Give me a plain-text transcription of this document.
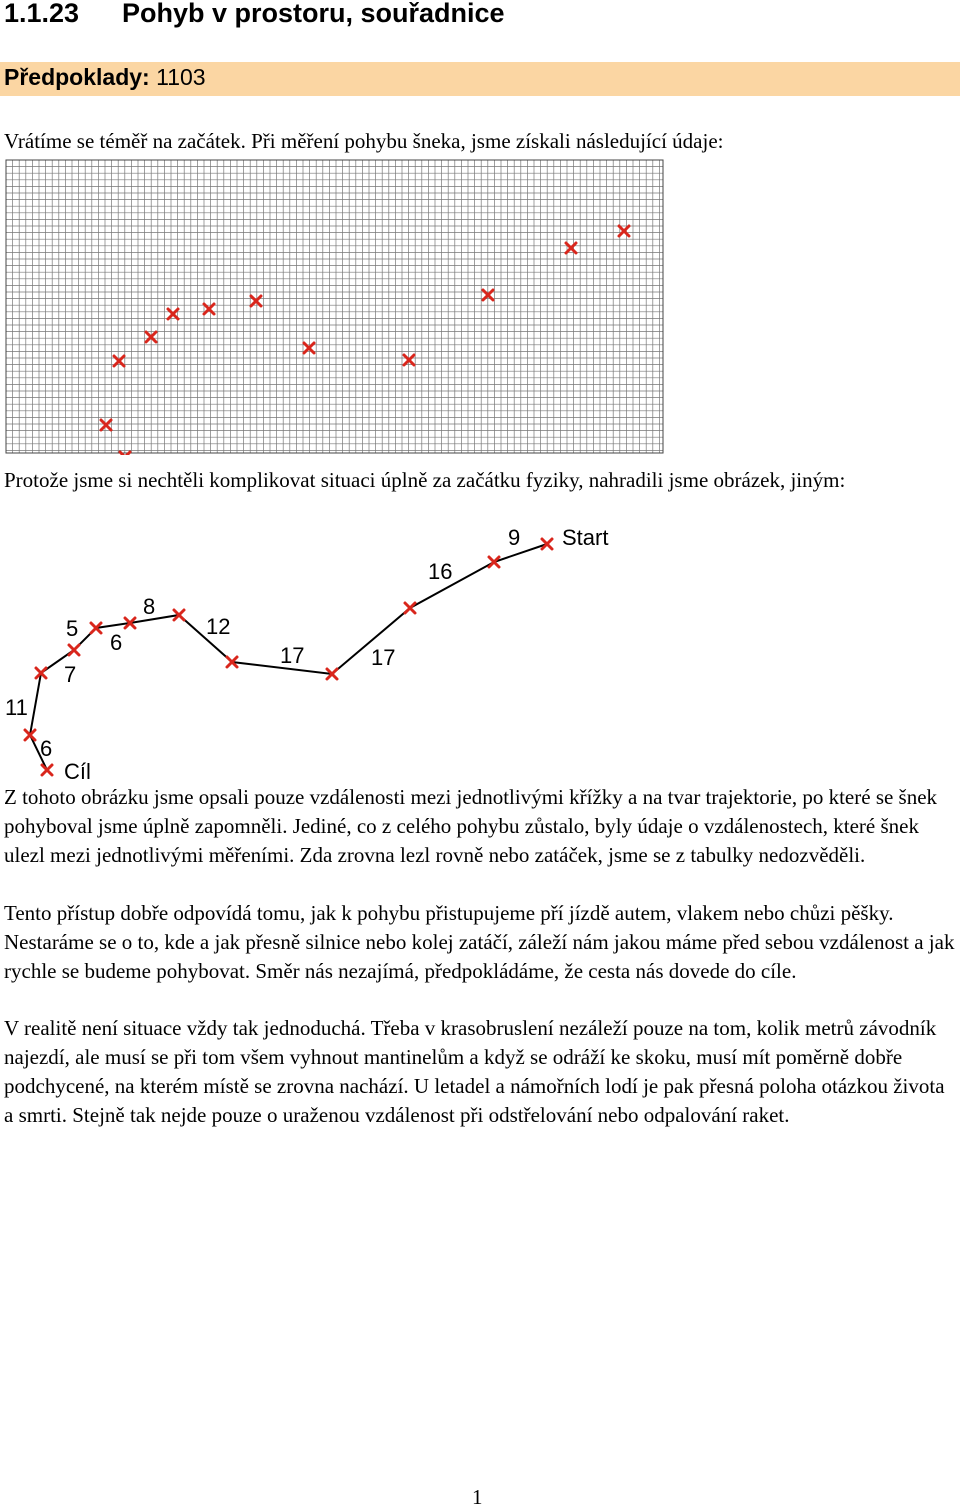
1.1.23 Pohyb v prostoru, souřadnice
Předpoklady: 1103
Vrátíme se téměř na začátek. Při měření pohybu šneka, jsme získali následující údaje:
Protože jsme si nechtěli komplikovat situaci úplně za začátku fyziky, nahradili jsme obrázek, jiným:
Start
Cíl
9
16
17	17
12
8
6
5
7
11
6
Z tohoto obrázku jsme opsali pouze vzdálenosti mezi jednotlivými křížky a na tvar trajektorie, po které se šnek pohyboval jsme úplně zapomněli. Jediné, co z celého pohybu zůstalo, byly údaje o vzdálenostech, které šnek ulezl mezi jednotlivými měřeními. Zda zrovna lezl rovně nebo zatáček, jsme se z tabulky nedozvěděli.
Tento přístup dobře odpovídá tomu, jak k pohybu přistupujeme pří jízdě autem, vlakem nebo chůzi pěšky. Nestaráme se o to, kde a jak přesně silnice nebo kolej zatáčí, záleží nám jakou máme před sebou vzdálenost a jak rychle se budeme pohybovat. Směr nás nezajímá, předpokládáme, že cesta nás dovede do cíle.
V realitě není situace vždy tak jednoduchá. Třeba v krasobruslení nezáleží pouze na tom, kolik metrů závodník najezdí, ale musí se při tom všem vyhnout mantinelům a když se odráží ke skoku, musí mít poměrně dobře podchycené, na kterém místě se zrovna nachází. U letadel a námořních lodí je pak přesná poloha otázkou života a smrti. Stejně tak nejde pouze o uraženou vzdálenost při odstřelování nebo odpalování raket.
1
